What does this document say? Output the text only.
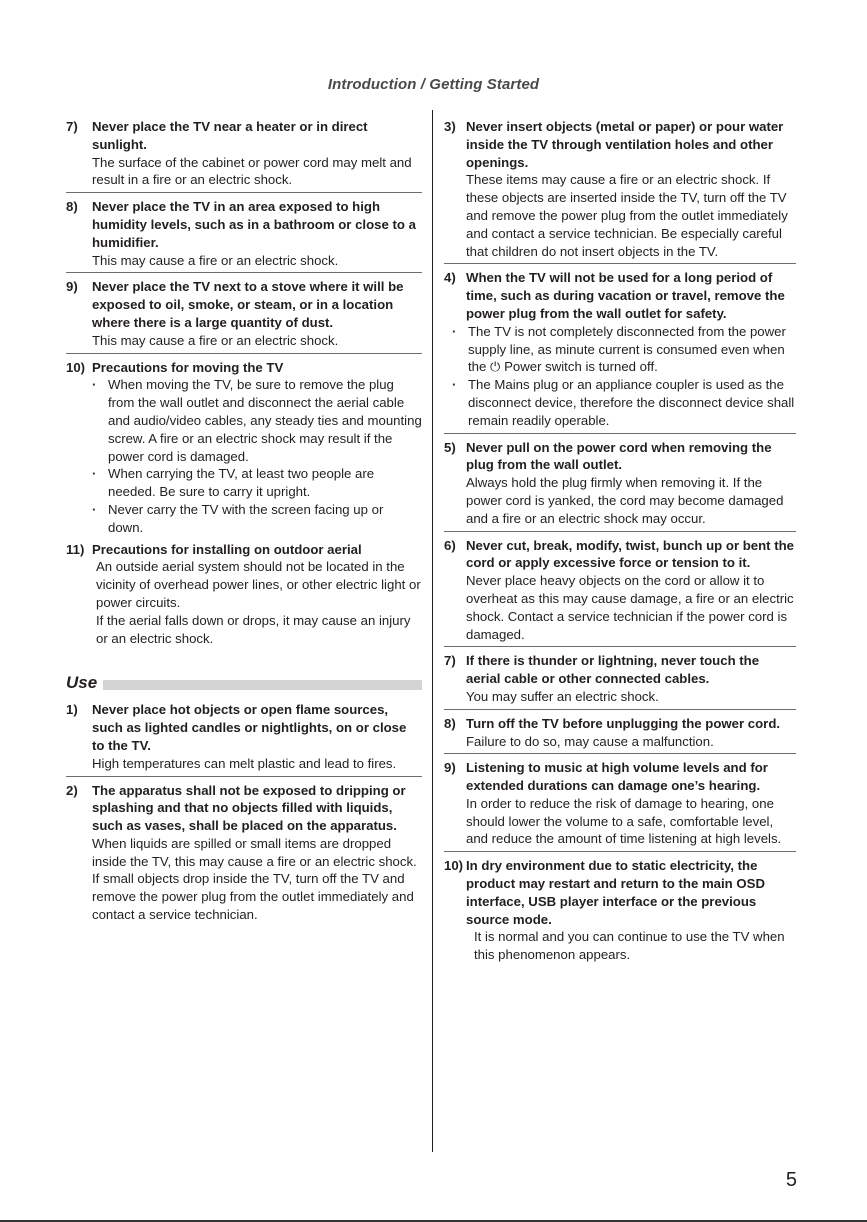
Introduction / Getting Started
7)	Never place the TV near a heater or in direct sunlight.

The surface of the cabinet or power cord may melt and result in a fire or an electric shock.

8)	Never place the TV in an area exposed to high humidity levels, such as in a bathroom or close to a humidifier.

This may cause a fire or an electric shock.

9)	Never place the TV next to a stove where it will be exposed to oil, smoke, or steam, or in a location where there is a large quantity of dust.

This may cause a fire or an electric shock.

10) Precautions for moving the TV
· When moving the TV, be sure to remove the plug from the wall outlet and disconnect the aerial cable and audio/video cables, any steady ties and mounting screw. A fire or an electric shock may result if the power cord is damaged.
· When carrying the TV, at least two people are needed. Be sure to carry it upright.
· Never carry the TV with the screen facing up or down.
11) Precautions for installing on outdoor aerial

An outside aerial system should not be located in the vicinity of overhead power lines, or other electric light or power circuits.

If the aerial falls down or drops, it may cause an injury or an electric shock.

Use
1)	Never place hot objects or open flame sources, such as lighted candles or nightlights, on or close to the TV.

High temperatures can melt plastic and lead to fires.

2)	The apparatus shall not be exposed to dripping or splashing and that no objects filled with liquids, such as vases, shall be placed on the apparatus.

When liquids are spilled or small items are dropped inside the TV, this may cause a fire or an electric shock.

If small objects drop inside the TV, turn off the TV and remove the power plug from the outlet immediately and contact a service technician.

3) Never insert objects (metal or paper) or pour water inside the TV through ventilation holes and other openings.

These items may cause a fire or an electric shock. If these objects are inserted inside the TV, turn off the TV and remove the power plug from the outlet immediately and contact a service technician. Be especially careful that children do not insert objects in the TV.

4) When the TV will not be used for a long period of time, such as during vacation or travel, remove the power plug from the wall outlet for safety.
· The TV is not completely disconnected from the power supply line, as minute current is consumed even when the ⏻ Power switch is turned off.
· The Mains plug or an appliance coupler is used as the disconnect device, therefore the disconnect device shall remain readily operable.
5) Never pull on the power cord when removing the plug from the wall outlet.

Always hold the plug firmly when removing it. If the power cord is yanked, the cord may become damaged and a fire or an electric shock may occur.

6) Never cut, break, modify, twist, bunch up or bent the cord or apply excessive force or tension to it.

Never place heavy objects on the cord or allow it to overheat as this may cause damage, a fire or an electric shock. Contact a service technician if the power cord is damaged.

7) If there is thunder or lightning, never touch the aerial cable or other connected cables.

You may suffer an electric shock.

8) Turn off the TV before unplugging the power cord.

Failure to do so, may cause a malfunction.

9) Listening to music at high volume levels and for extended durations can damage one’s hearing.

In order to reduce the risk of damage to hearing, one should lower the volume to a safe, comfortable level, and reduce the amount of time listening at high levels.

10) In dry environment due to static electricity, the product may restart and return to the main OSD interface, USB player interface or the previous source mode.

It is normal and you can continue to use the TV when this phenomenon appears.

5
